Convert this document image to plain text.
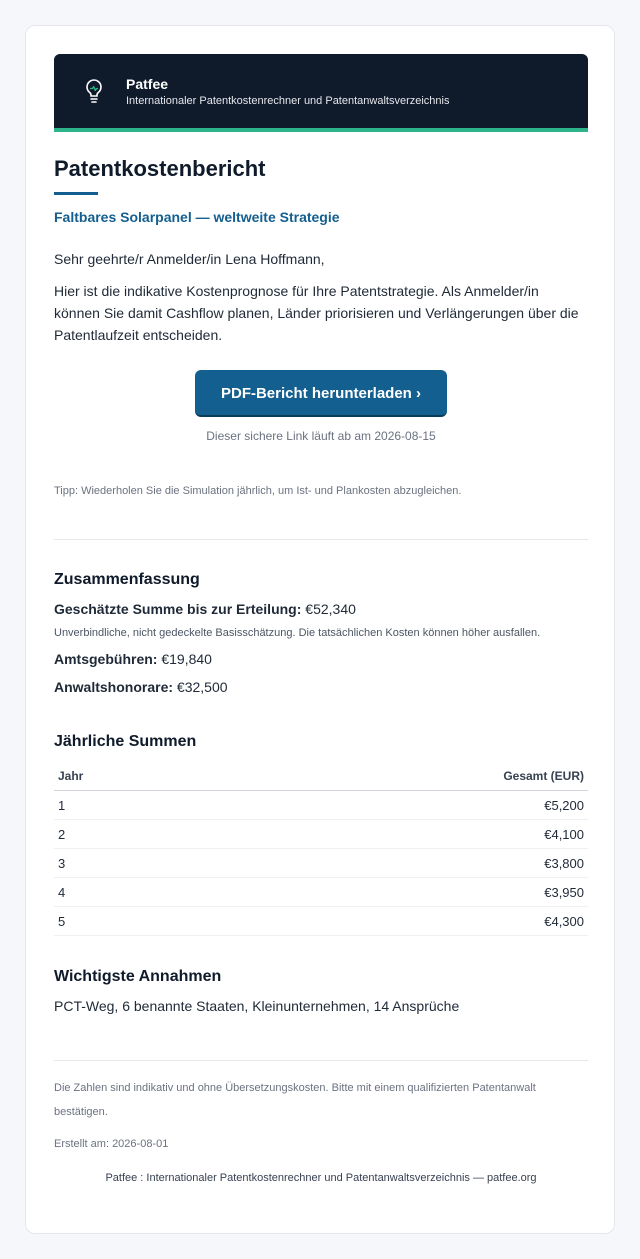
Patfee
Internationaler Patentkostenrechner und Patentanwaltsverzeichnis
Patentkostenbericht
Faltbares Solarpanel — weltweite Strategie

Sehr geehrte/r Anmelder/in Lena Hoffmann,

Hier ist die indikative Kostenprognose für Ihre Patentstrategie. Als Anmelder/in können Sie damit Cashflow planen, Länder priorisieren und Verlängerungen über die Patentlaufzeit entscheiden.

PDF-Bericht herunterladen ›

Dieser sichere Link läuft ab am 2026-08-15

Tipp: Wiederholen Sie die Simulation jährlich, um Ist- und Plankosten abzugleichen.

Zusammenfassung

Geschätzte Summe bis zur Erteilung: €52,340

Unverbindliche, nicht gedeckelte Basisschätzung. Die tatsächlichen Kosten können höher ausfallen.

Amtsgebühren: €19,840

Anwaltshonorare: €32,500

Jährliche Summen
Jahr	Gesamt (EUR)
1	€5,200
2	€4,100
3	€3,800
4	€3,950
5	€4,300
Wichtigste Annahmen

PCT-Weg, 6 benannte Staaten, Kleinunternehmen, 14 Ansprüche

Die Zahlen sind indikativ und ohne Übersetzungskosten. Bitte mit einem qualifizierten Patentanwalt bestätigen.

Erstellt am: 2026-08-01

Patfee : Internationaler Patentkostenrechner und Patentanwaltsverzeichnis — patfee.org
